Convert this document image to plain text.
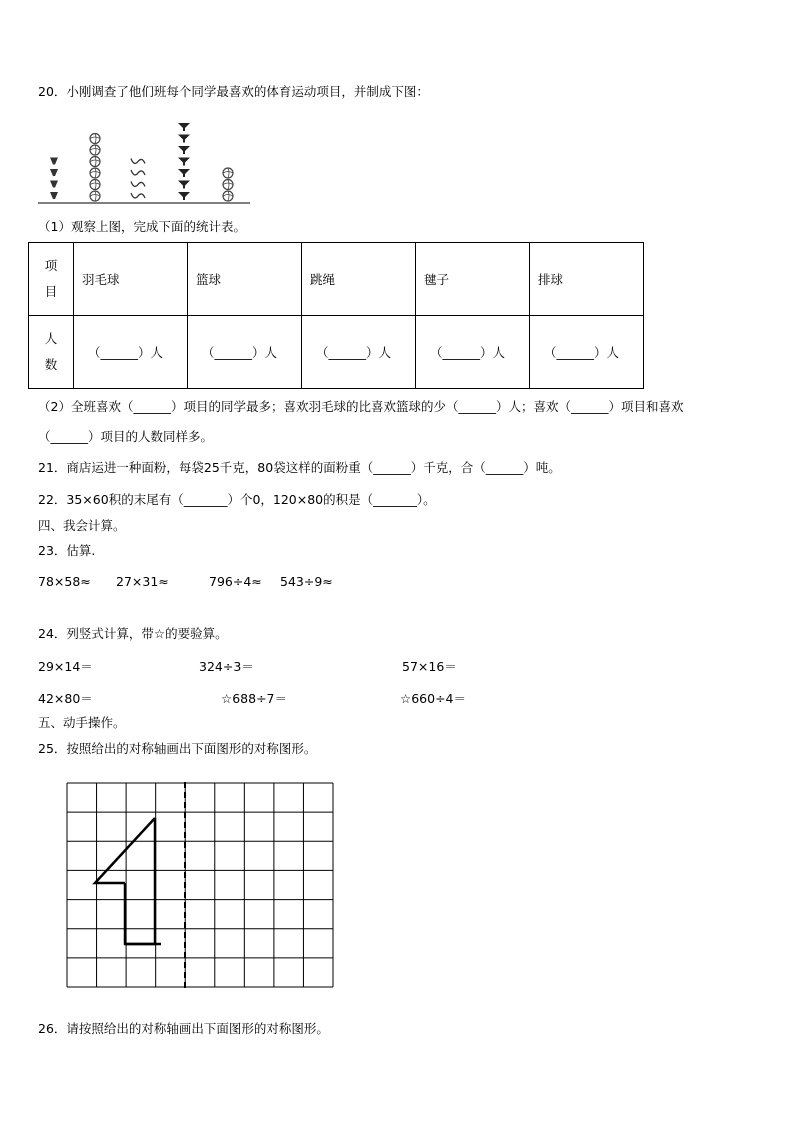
20．小刚调查了他们班每个同学最喜欢的体育运动项目，并制成下图：
（1）观察上图，完成下面的统计表。
项
目	羽毛球	篮球	跳绳	毽子	排球

人
数	（______）人	（______）人	（______）人	（______）人	（______）人
（2）全班喜欢（______）项目的同学最多；喜欢羽毛球的比喜欢篮球的少（______）人；喜欢（______）项目和喜欢
（______）项目的人数同样多。
21．商店运进一种面粉，每袋25千克，80袋这样的面粉重（______）千克，合（______）吨。
22．35×60积的末尾有（_______）个0，120×80的积是（_______）。
四、我会计算。
23．估算.
78×58≈ 27×31≈	796÷4≈ 543÷9≈
24．列竖式计算，带☆的要验算。
29×14＝	324÷3＝	57×16＝
42×80＝	☆688÷7＝	☆660÷4＝
五、动手操作。
25．按照给出的对称轴画出下面图形的对称图形。
26．请按照给出的对称轴画出下面图形的对称图形。
